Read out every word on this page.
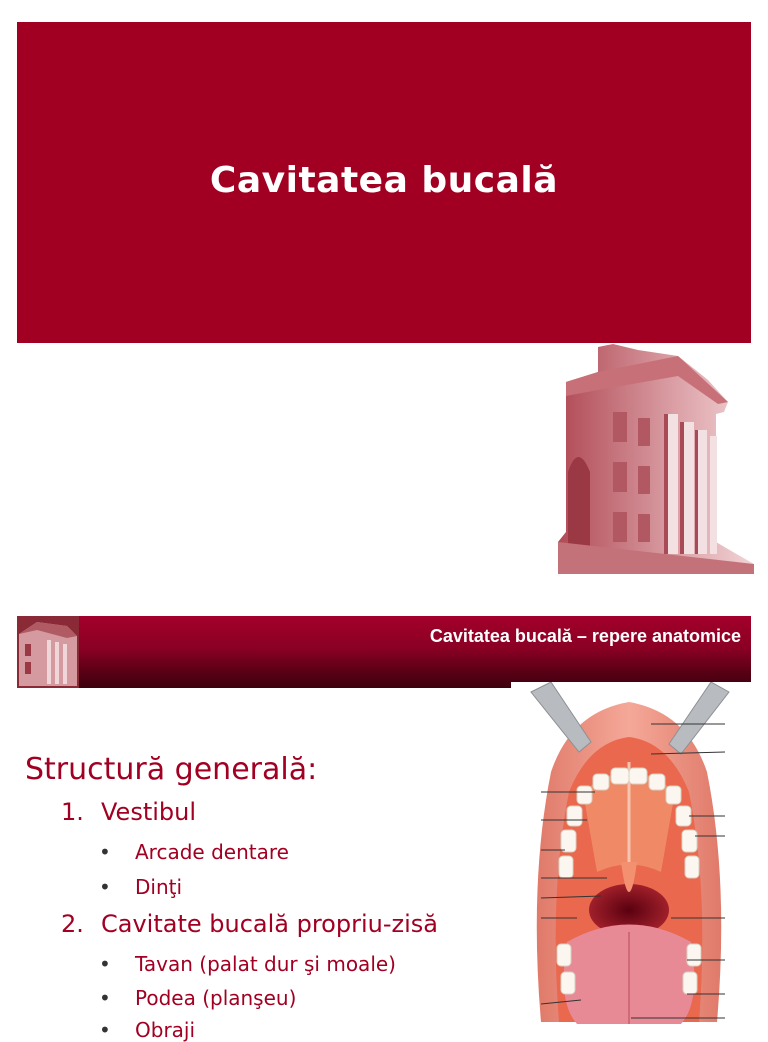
Cavitatea bucală
Cavitatea bucală – repere anatomice
Structură generală:
1. Vestibul
• Arcade dentare
• Dinţi
2. Cavitate bucală propriu-zisă
• Tavan (palat dur şi moale)
• Podea (planşeu)
• Obraji
